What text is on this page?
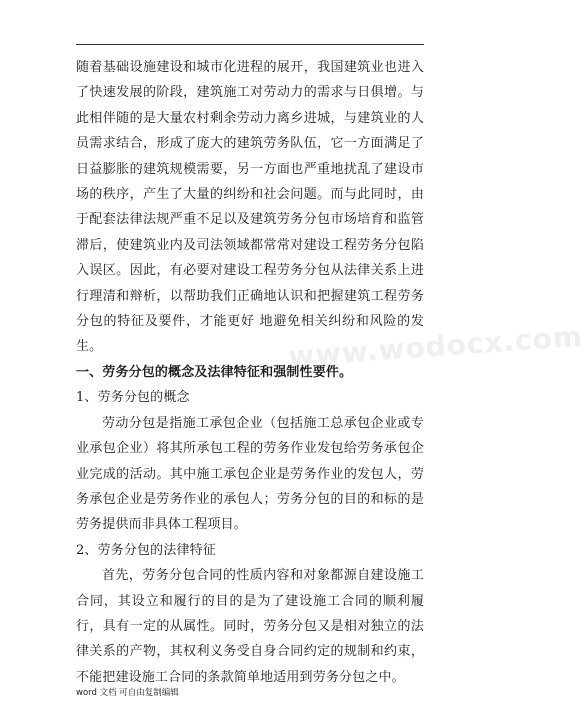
随着基础设施建设和城市化进程的展开，我国建筑业也进入了快速发展的阶段，建筑施工对劳动力的需求与日俱增。与此相伴随的是大量农村剩余劳动力离乡进城，与建筑业的人员需求结合，形成了庞大的建筑劳务队伍，它一方面满足了日益膨胀的建筑规模需要，另一方面也严重地扰乱了建设市场的秩序，产生了大量的纠纷和社会问题。而与此同时，由于配套法律法规严重不足以及建筑劳务分包市场培育和监管滞后，使建筑业内及司法领域都常常对建设工程劳务分包陷入误区。因此，有必要对建设工程劳务分包从法律关系上进行理清和辩析，以帮助我们正确地认识和把握建筑工程劳务分包的特征及要件，才能更好 地避免相关纠纷和风险的发生。

一、劳务分包的概念及法律特征和强制性要件。

1、劳务分包的概念

劳动分包是指施工承包企业（包括施工总承包企业或专业承包企业）将其所承包工程的劳务作业发包给劳务承包企业完成的活动。其中施工承包企业是劳务作业的发包人，劳务承包企业是劳务作业的承包人；劳务分包的目的和标的是劳务提供而非具体工程项目。

2、劳务分包的法律特征

首先，劳务分包合同的性质内容和对象都源自建设施工合同，其设立和履行的目的是为了建设施工合同的顺利履行，具有一定的从属性。同时，劳务分包又是相对独立的法律关系的产物，其权利义务受自身合同约定的规制和约束，不能把建设施工合同的条款简单地适用到劳务分包之中。

www.wodocx.com
word 文档 可自由复制编辑
